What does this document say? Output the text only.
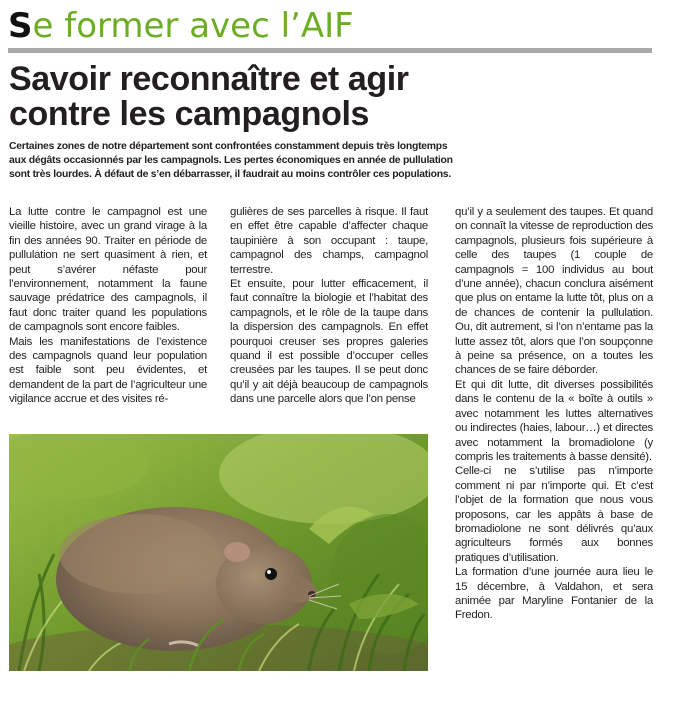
Se former avec l’AIF
Savoir reconnaître et agir contre les campagnols

Certaines zones de notre département sont confrontées constamment depuis très longtemps aux dégâts occasionnés par les campagnols. Les pertes économiques en année de pullulation sont très lourdes. À défaut de s’en débarrasser, il faudrait au moins contrôler ces populations.

La lutte contre le campagnol est une vieille histoire, avec un grand virage à la fin des années 90. Traiter en période de pullulation ne sert quasiment à rien, et peut s’avérer néfaste pour l’environnement, notamment la faune sauvage prédatrice des campagnols, il faut donc traiter quand les populations de campagnols sont encore faibles.

Mais les manifestations de l’existence des campagnols quand leur population est faible sont peu évidentes, et demandent de la part de l’agriculteur une vigilance accrue et des visites ré-

gulières de ses parcelles à risque. Il faut en effet être capable d’affecter chaque taupinière à son occupant : taupe, campagnol des champs, campagnol terrestre.

Et ensuite, pour lutter efficacement, il faut connaître la biologie et l’habitat des campagnols, et le rôle de la taupe dans la dispersion des campagnols. En effet pourquoi creuser ses propres galeries quand il est possible d’occuper celles creusées par les taupes. Il se peut donc qu’il y ait déjà beaucoup de campagnols dans une parcelle alors que l’on pense

qu’il y a seulement des taupes. Et quand on connaît la vitesse de reproduction des campagnols, plusieurs fois supérieure à celle des taupes (1 couple de campagnols = 100 individus au bout d’une année), chacun conclura aisément que plus on entame la lutte tôt, plus on a de chances de contenir la pullulation. Ou, dit autrement, si l’on n’entame pas la lutte assez tôt, alors que l’on soupçonne à peine sa présence, on a toutes les chances de se faire déborder.

Et qui dit lutte, dit diverses possibilités dans le contenu de la « boîte à outils » avec notamment les luttes alternatives ou indirectes (haies, labour…) et directes avec notamment la bromadiolone (y compris les traitements à basse densité).

Celle-ci ne s’utilise pas n’importe comment ni par n’importe qui. Et c’est l’objet de la formation que nous vous proposons, car les appâts à base de bromadiolone ne sont délivrés qu’aux agriculteurs formés aux bonnes pratiques d’utilisation.

La formation d’une journée aura lieu le 15 décembre, à Valdahon, et sera animée par Maryline Fontanier de la Fredon.
